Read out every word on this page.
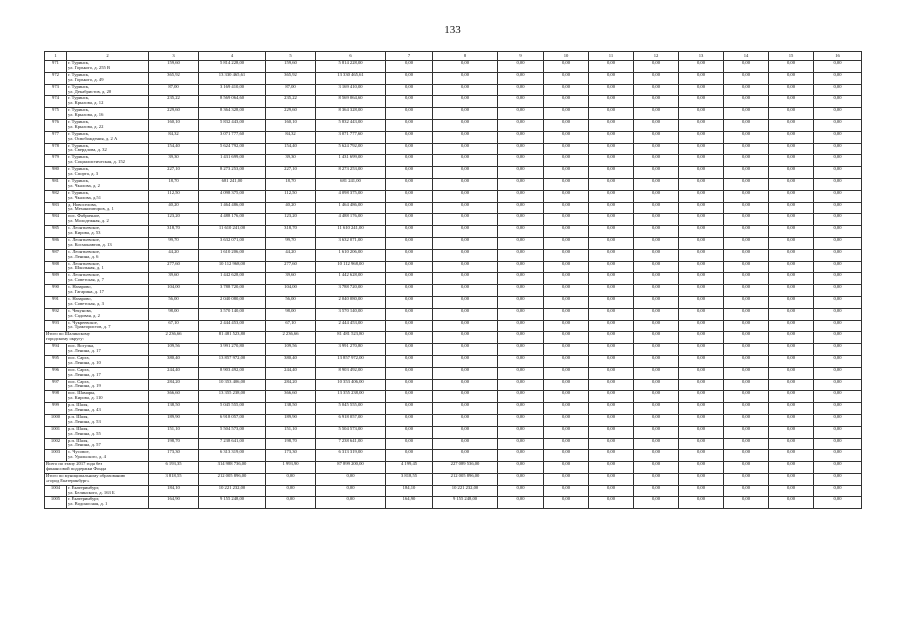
133
1	2	3	4	5	6	7	8	9	10	11	12	13	14	15	16
971	г. Туринск,
ул. Горького, д. 255 В	159,60	5 814 228,00	159,60	5 814 228,00	0,00	0,00	0,00	0,00	0,00	0,00	0,00	0,00	0,00	0,00
972	г. Туринск,
ул. Горького, д. 49	365,92	13 330 465,61	365,92	13 330 465,61	0,00	0,00	0,00	0,00	0,00	0,00	0,00	0,00	0,00	0,00
973	г. Туринск,
ул. Декабристов, д. 20	87,00	3 169 410,00	87,00	3 169 410,00	0,00	0,00	0,00	0,00	0,00	0,00	0,00	0,00	0,00	0,00
974	г. Туринск,
ул. Крылова, д. 12	235,22	8 569 064,60	235,22	8 569 064,60	0,00	0,00	0,00	0,00	0,00	0,00	0,00	0,00	0,00	0,00
975	г. Туринск,
ул. Крылова, д. 16	229,60	8 364 328,00	229,60	8 364 328,00	0,00	0,00	0,00	0,00	0,00	0,00	0,00	0,00	0,00	0,00
976	г. Туринск,
ул. Крылова, д. 22	160,10	5 832 443,00	160,10	5 832 443,00	0,00	0,00	0,00	0,00	0,00	0,00	0,00	0,00	0,00	0,00
977	г. Туринск,
ул. Освобождения, д. 2 А	84,32	3 071 777,60	84,32	3 071 777,60	0,00	0,00	0,00	0,00	0,00	0,00	0,00	0,00	0,00	0,00
978	г. Туринск,
ул. Свердлова, д. 32	154,40	5 624 792,00	154,40	5 624 792,00	0,00	0,00	0,00	0,00	0,00	0,00	0,00	0,00	0,00	0,00
979	г. Туринск,
ул. Социалистическая, д. 152	39,30	1 431 699,00	39,30	1 431 699,00	0,00	0,00	0,00	0,00	0,00	0,00	0,00	0,00	0,00	0,00
980	г. Туринск,
ул. Спорта, д. 3	227,10	8 273 253,00	227,10	8 273 253,00	0,00	0,00	0,00	0,00	0,00	0,00	0,00	0,00	0,00	0,00
981	г. Туринск,
ул. Чкалова, д. 2	18,70	681 241,00	18,70	681 241,00	0,00	0,00	0,00	0,00	0,00	0,00	0,00	0,00	0,00	0,00
982	г. Туринск,
ул. Чкалова, д.51	112,50	4 098 375,00	112,50	4 098 375,00	0,00	0,00	0,00	0,00	0,00	0,00	0,00	0,00	0,00	0,00
983	д. Новоселова,
ул. Механизаторов, д. 1	40,20	1 464 486,00	40,20	1 464 486,00	0,00	0,00	0,00	0,00	0,00	0,00	0,00	0,00	0,00	0,00
984	пос. Фабричное,
ул. Молодежная, д. 2	123,20	4 488 176,00	123,20	4 488 176,00	0,00	0,00	0,00	0,00	0,00	0,00	0,00	0,00	0,00	0,00
985	с. Леонтьевское,
ул. Кирова, д. 53	318,70	11 610 241,00	318,70	11 610 241,00	0,00	0,00	0,00	0,00	0,00	0,00	0,00	0,00	0,00	0,00
986	с. Леонтьевское,
ул. Космонавтов, д. 13	99,70	3 632 071,00	99,70	3 632 071,00	0,00	0,00	0,00	0,00	0,00	0,00	0,00	0,00	0,00	0,00
987	с. Леонтьевское,
ул. Ленина, д. 6	44,20	1 610 206,00	44,20	1 610 206,00	0,00	0,00	0,00	0,00	0,00	0,00	0,00	0,00	0,00	0,00
988	с. Леонтьевское,
ул. Школьная, д. 1	277,60	10 112 968,00	277,60	10 112 968,00	0,00	0,00	0,00	0,00	0,00	0,00	0,00	0,00	0,00	0,00
989	с. Леонтьевское,
ул. Советская, д. 7	39,60	1 442 628,00	39,60	1 442 628,00	0,00	0,00	0,00	0,00	0,00	0,00	0,00	0,00	0,00	0,00
990	с. Назарово,
ул. Гагарина, д. 17	104,00	3 788 720,00	104,00	3 788 720,00	0,00	0,00	0,00	0,00	0,00	0,00	0,00	0,00	0,00	0,00
991	с. Назарово,
ул. Советская, д. 3	56,00	2 040 080,00	56,00	2 040 080,00	0,00	0,00	0,00	0,00	0,00	0,00	0,00	0,00	0,00	0,00
992	с. Чекунова,
ул. Садовая, д. 2	98,00	3 570 140,00	98,00	3 570 140,00	0,00	0,00	0,00	0,00	0,00	0,00	0,00	0,00	0,00	0,00
993	с. Чукреевское,
ул. Трактористов, д. 7	67,10	2 444 453,00	67,10	2 444 453,00	0,00	0,00	0,00	0,00	0,00	0,00	0,00	0,00	0,00	0,00

Итого по Шалинскому
городскому округу:		2 236,66	81 481 523,80	2 236,66	81 481 523,80	0,00	0,00	0,00	0,00	0,00	0,00	0,00	0,00	0,00	0,00
994	пос. Вогулка,
ул. Ленина, д. 17	109,56	3 991 270,80	109,56	3 991 270,80	0,00	0,00	0,00	0,00	0,00	0,00	0,00	0,00	0,00	0,00
995	пос. Сарга,
ул. Ленина, д. 10	380,40	13 857 972,00	380,40	13 857 972,00	0,00	0,00	0,00	0,00	0,00	0,00	0,00	0,00	0,00	0,00
996	пос. Сарга,
ул. Ленина, д. 17	244,40	8 903 492,00	244,40	8 903 492,00	0,00	0,00	0,00	0,00	0,00	0,00	0,00	0,00	0,00	0,00
997	пос. Сарга,
ул. Ленина, д. 19	284,20	10 353 406,00	284,20	10 353 406,00	0,00	0,00	0,00	0,00	0,00	0,00	0,00	0,00	0,00	0,00
998	пос. Шамары,
ул. Кирова, д. 110	366,60	13 355 238,00	366,60	13 355 238,00	0,00	0,00	0,00	0,00	0,00	0,00	0,00	0,00	0,00	0,00
999	р.п. Шаля,
ул. Ленина, д. 43	138,50	5 045 555,00	138,50	5 045 555,00	0,00	0,00	0,00	0,00	0,00	0,00	0,00	0,00	0,00	0,00
1000	р.п. Шаля,
ул. Ленина, д. 53	189,90	6 918 057,00	189,90	6 918 057,00	0,00	0,00	0,00	0,00	0,00	0,00	0,00	0,00	0,00	0,00
1001	р.п. Шаля,
ул. Ленина, д. 55	151,10	5 504 573,00	151,10	5 504 573,00	0,00	0,00	0,00	0,00	0,00	0,00	0,00	0,00	0,00	0,00
1002	р.п. Шаля,
ул. Ленина, д. 57	198,70	7 238 641,00	198,70	7 238 641,00	0,00	0,00	0,00	0,00	0,00	0,00	0,00	0,00	0,00	0,00
1003	с. Чусовое,
ул. Уральского, д. 4	173,30	6 313 319,00	173,30	6 313 319,00	0,00	0,00	0,00	0,00	0,00	0,00	0,00	0,00	0,00	0,00

Всего по этапу 2017 года без
финансовой поддержки Фонда		6 193,35	314 988 736,00	1 993,90	87 899 200,00	4 199,45	227 089 536,00	0,00	0,00	0,00	0,00	0,00	0,00	0,00	0,00

Итого по муниципальному образованию
«город Екатеринбург»		3 818,55	212 005 896,00	0,00	0,00	3 818,55	212 005 896,00	0,00	0,00	0,00	0,00	0,00	0,00	0,00	0,00
1004	г. Екатеринбург,
ул. Белинского, д. 163 Б	184,10	10 221 232,00	0,00	0,00	184,10	10 221 232,00	0,00	0,00	0,00	0,00	0,00	0,00	0,00	0,00
1005	г. Екатеринбург,
ул. Водоносная, д. 1	164,90	9 155 248,00	0,00	0,00	164,90	9 155 248,00	0,00	0,00	0,00	0,00	0,00	0,00	0,00	0,00
